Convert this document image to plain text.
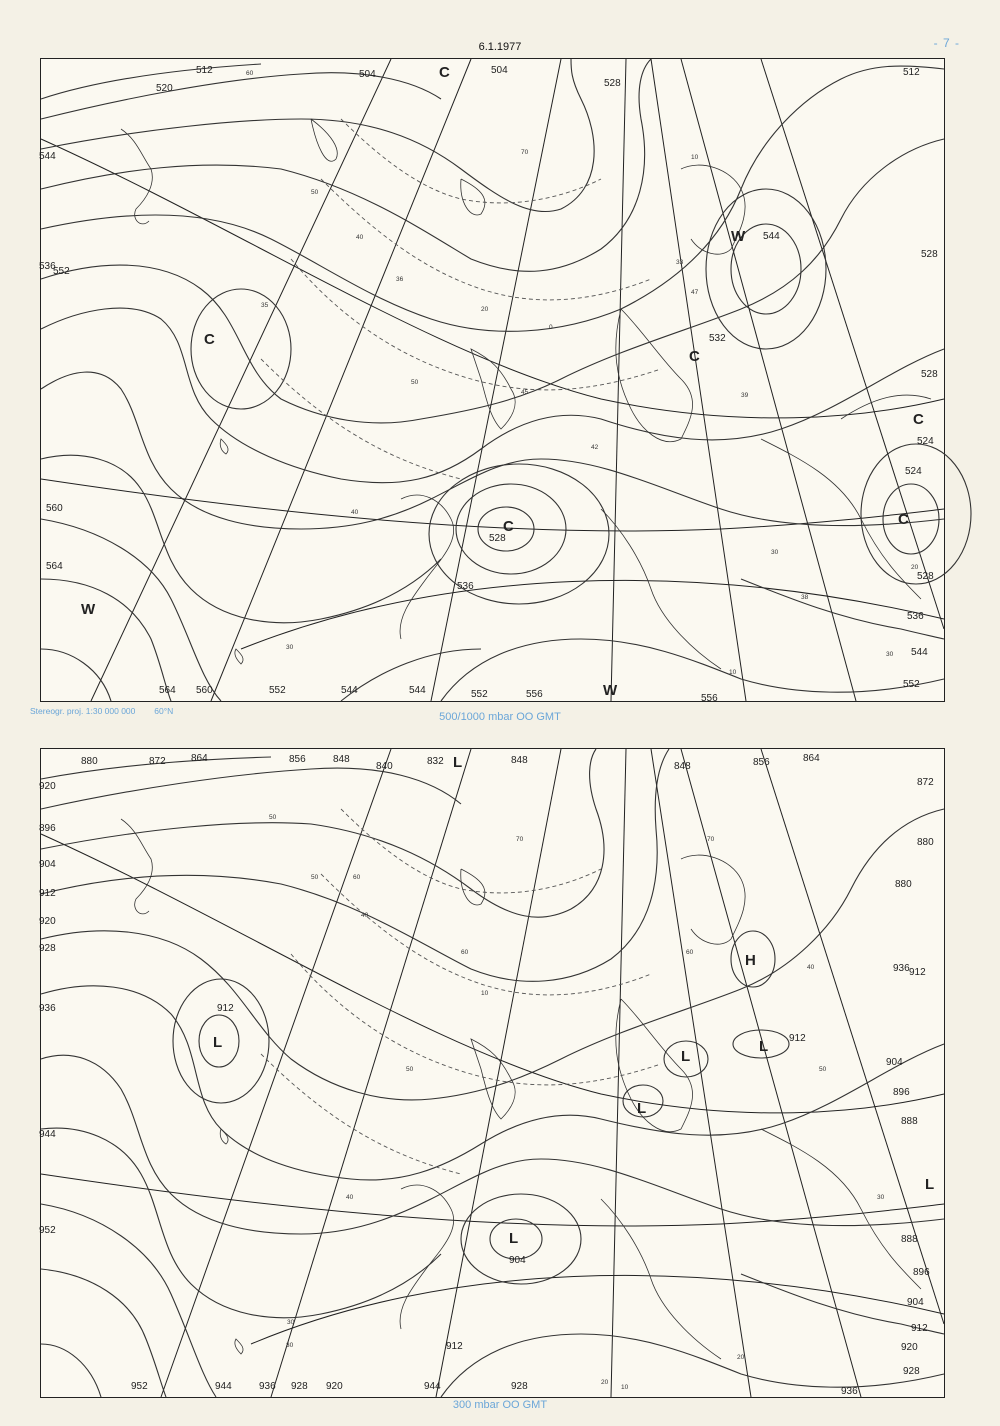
6.1.1977	- 7 -
C
C
C
C
C
C
W
W
W
512
520
504	504
528
536
544
552
560
564
512
528
532
544
528
524
524
528
536
544
552
564 560	552	544	544	552	556	556
528
536
60
70
50
40
30
20
10
50
40
30
20
10
0
36
35
33
39
42
45
47
38
30
Stereogr. proj. 1:30 000 000 60°N	500/1000 mbar OO GMT
L
L
L
L
L
L
H
L
880	872	864	856	848
840	832	848
848	856	864
872
880
896
904
912
920
928
936
944
952
912
912
904
912
904
896
888
880
888
896
904
912
920
928
936
944
952	936 928 920
920
944	928
936 912
50
60
70
50
40
30
60
50
40
30
20
10
70
60
50
40
30
20
10
300 mbar OO GMT
